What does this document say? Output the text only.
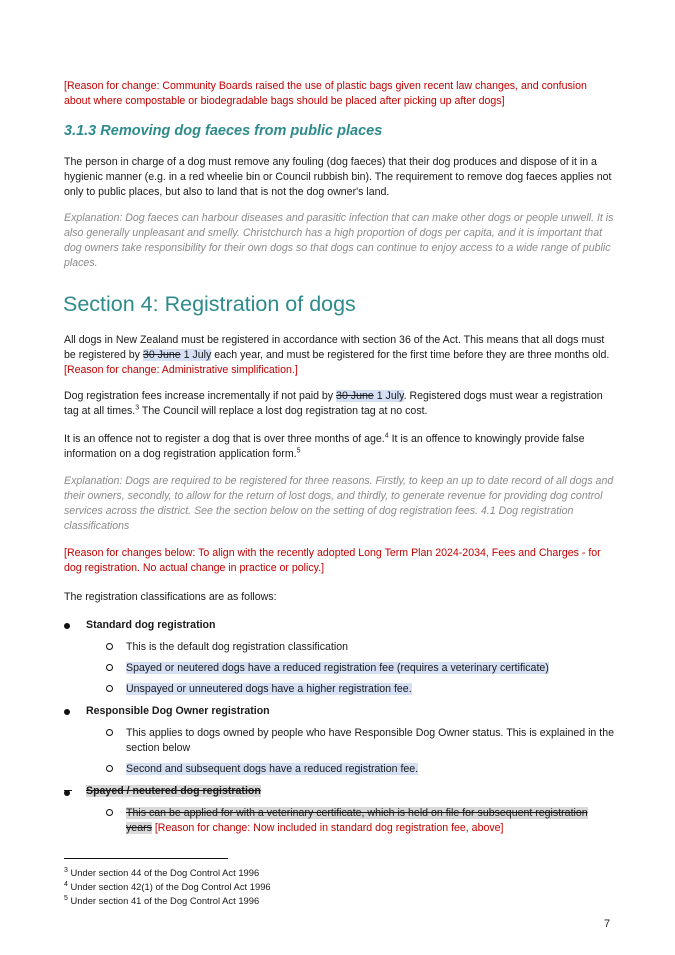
[Reason for change: Community Boards raised the use of plastic bags given recent law changes, and confusion about where compostable or biodegradable bags should be placed after picking up after dogs]

3.1.3 Removing dog faeces from public places

The person in charge of a dog must remove any fouling (dog faeces) that their dog produces and dispose of it in a hygienic manner (e.g. in a red wheelie bin or Council rubbish bin). The requirement to remove dog faeces applies not only to public places, but also to land that is not the dog owner's land.

Explanation: Dog faeces can harbour diseases and parasitic infection that can make other dogs or people unwell. It is also generally unpleasant and smelly. Christchurch has a high proportion of dogs per capita, and it is important that dog owners take responsibility for their own dogs so that dogs can continue to enjoy access to a wide range of public places.

Section 4: Registration of dogs

All dogs in New Zealand must be registered in accordance with section 36 of the Act. This means that all dogs must be registered by 30 June 1 July each year, and must be registered for the first time before they are three months old. [Reason for change: Administrative simplification.]

Dog registration fees increase incrementally if not paid by 30 June 1 July. Registered dogs must wear a registration tag at all times.$^3$ The Council will replace a lost dog registration tag at no cost.

It is an offence not to register a dog that is over three months of age.$^4$ It is an offence to knowingly provide false information on a dog registration application form.$^5$

Explanation: Dogs are required to be registered for three reasons. Firstly, to keep an up to date record of all dogs and their owners, secondly, to allow for the return of lost dogs, and thirdly, to generate revenue for providing dog control services across the district. See the section below on the setting of dog registration fees. 4.1 Dog registration classifications

[Reason for changes below: To align with the recently adopted Long Term Plan 2024-2034, Fees and Charges - for dog registration. No actual change in practice or policy.]

The registration classifications are as follows:

Standard dog registration
This is the default dog registration classification
Spayed or neutered dogs have a reduced registration fee (requires a veterinary certificate)
Unspayed or unneutered dogs have a higher registration fee.
Responsible Dog Owner registration
This applies to dogs owned by people who have Responsible Dog Owner status. This is explained in the section below
Second and subsequent dogs have a reduced registration fee.
Spayed / neutered dog registration
This can be applied for with a veterinary certificate, which is held on file for subsequent registration years [Reason for change: Now included in standard dog registration fee, above]
$^3$ Under section 44 of the Dog Control Act 1996
$^4$ Under section 42(1) of the Dog Control Act 1996
$^5$ Under section 41 of the Dog Control Act 1996
7
